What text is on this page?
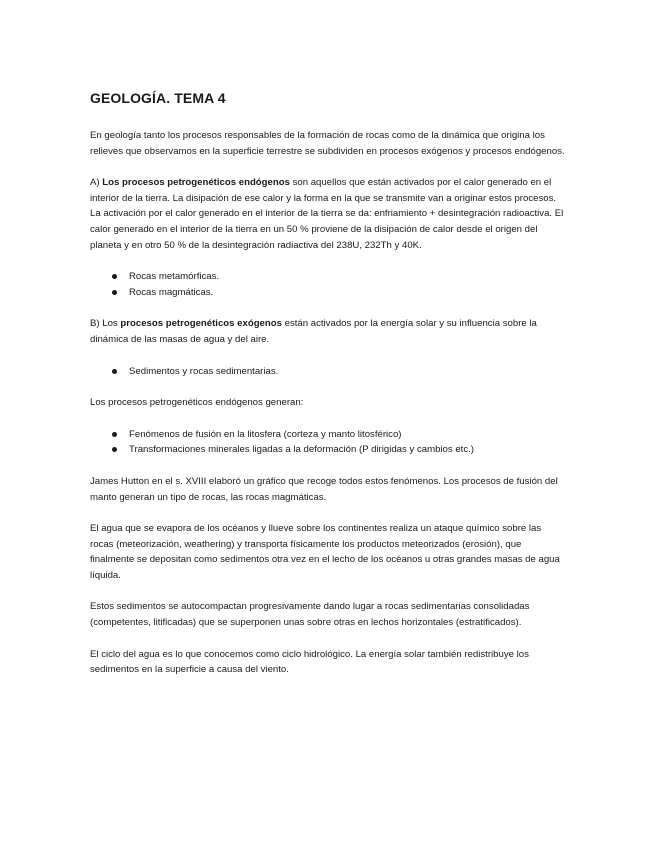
GEOLOGÍA. TEMA 4

En geología tanto los procesos responsables de la formación de rocas como de la dinámica que origina los relieves que observamos en la superficie terrestre se subdividen en procesos exógenos y procesos endógenos.

A) Los procesos petrogenéticos endógenos son aquellos que están activados por el calor generado en el interior de la tierra. La disipación de ese calor y la forma en la que se transmite van a originar estos procesos. La activación por el calor generado en el interior de la tierra se da: enfriamiento + desintegración radioactiva. El calor generado en el interior de la tierra en un 50 % proviene de la disipación de calor desde el origen del planeta y en otro 50 % de la desintegración radiactiva del 238U, 232Th y 40K.

Rocas metamórficas.
Rocas magmáticas.

B) Los procesos petrogenéticos exógenos están activados por la energía solar y su influencia sobre la dinámica de las masas de agua y del aire.

Sedimentos y rocas sedimentarias.

Los procesos petrogenéticos endógenos generan:

Fenómenos de fusión en la litosfera (corteza y manto litosférico)
Transformaciones minerales ligadas a la deformación (P dirigidas y cambios etc.)

James Hutton en el s. XVIII elaboró un gráfico que recoge todos estos fenómenos. Los procesos de fusión del manto generan un tipo de rocas, las rocas magmáticas.

El agua que se evapora de los océanos y llueve sobre los continentes realiza un ataque químico sobre las rocas (meteorización, weathering) y transporta físicamente los productos meteorizados (erosión), que finalmente se depositan como sedimentos otra vez en el lecho de los océanos u otras grandes masas de agua líquida.

Estos sedimentos se autocompactan progresivamente dando lugar a rocas sedimentarias consolidadas (competentes, litificadas) que se superponen unas sobre otras en lechos horizontales (estratificados).

El ciclo del agua es lo que conocemos como ciclo hidrológico. La energía solar también redistribuye los sedimentos en la superficie a causa del viento.
